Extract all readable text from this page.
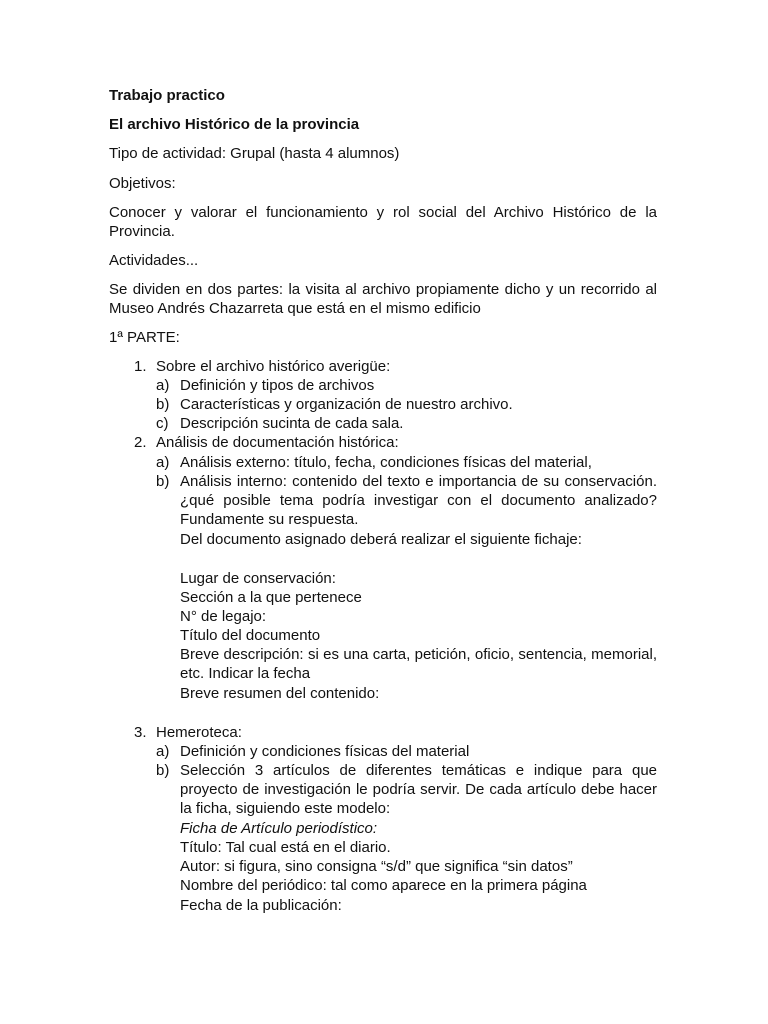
Trabajo practico

El archivo Histórico de la provincia

Tipo de actividad: Grupal (hasta 4 alumnos)

Objetivos:

Conocer y valorar el funcionamiento y rol social del Archivo Histórico de la Provincia.

Actividades...

Se dividen en dos partes: la visita al archivo propiamente dicho y un recorrido al Museo Andrés Chazarreta que está en el mismo edificio

1ª PARTE:

1. Sobre el archivo histórico averigüe:
a) Definición y tipos de archivos
b) Características y organización de nuestro archivo.
c) Descripción sucinta de cada sala.
2. Análisis de documentación histórica:
a) Análisis externo: título, fecha, condiciones físicas del material,
b) Análisis interno: contenido del texto e importancia de su conservación. ¿qué posible tema podría investigar con el documento analizado? Fundamente su respuesta.

Del documento asignado deberá realizar el siguiente fichaje:
Lugar de conservación:
Sección a la que pertenece
N° de legajo:
Título del documento

Breve descripción: si es una carta, petición, oficio, sentencia, memorial, etc. Indicar la fecha

Breve resumen del contenido:
3. Hemeroteca:
a) Definición y condiciones físicas del material
b) Selección 3 artículos de diferentes temáticas e indique para que proyecto de investigación le podría servir. De cada artículo debe hacer la ficha, siguiendo este modelo:

Ficha de Artículo periodístico:
Título: Tal cual está en el diario.
Autor: si figura, sino consigna “s/d” que significa “sin datos”
Nombre del periódico: tal como aparece en la primera página
Fecha de la publicación:
